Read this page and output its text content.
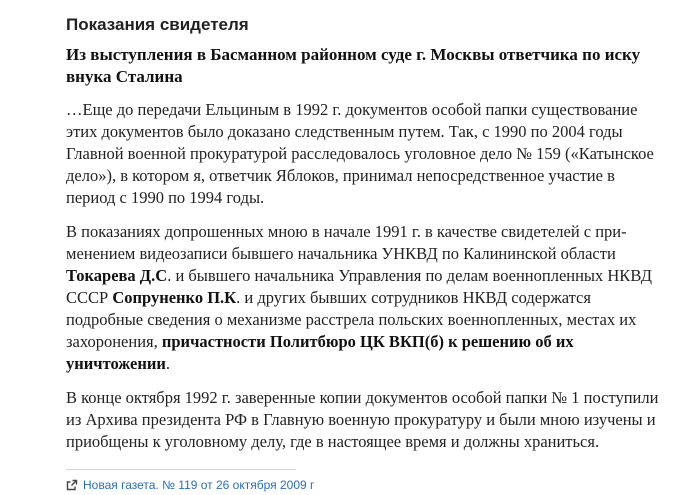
Показания свидетеля

Из выступления в Басманном районном суде г. Москвы ответчика по иску внука Сталина

…Еще до передачи Ельциным в 1992 г. документов особой папки существование этих документов было доказано следственным путем. Так, с 1990 по 2004 годы Главной военной прокуратурой расследовалось уголовное дело № 159 («Катынское дело»), в котором я, ответчик Яблоков, принимал непосредственное участие в период с 1990 по 1994 годы.

В показаниях допрошенных мною в начале 1991 г. в качестве свидетелей с применением видеозаписи бывшего начальника УНКВД по Калининской области Токарева Д.С. и бывшего начальника Управления по делам военнопленных НКВД СССР Сопруненко П.К. и других бывших сотрудников НКВД содержатся подробные сведения о механизме расстрела польских военнопленных, местах их захоронения, причастности Политбюро ЦК ВКП(б) к решению об их уничтожении.

В конце октября 1992 г. заверенные копии документов особой папки № 1 поступили из Архива президента РФ в Главную военную прокуратуру и были мною изучены и приобщены к уголовному делу, где в настоящее время и должны храниться.

Новая газета. № 119 от 26 октября 2009 г
